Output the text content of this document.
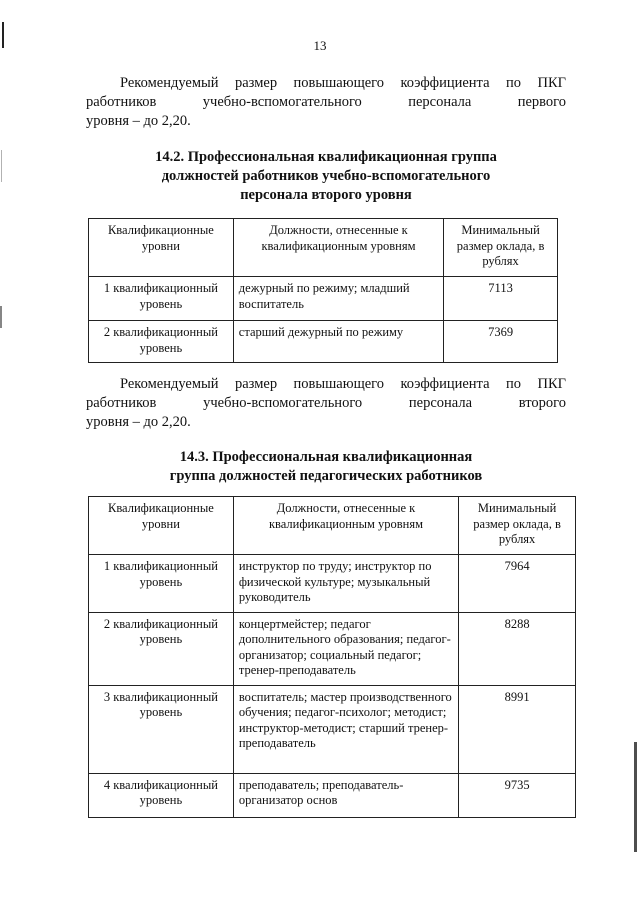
13
Рекомендуемый размер повышающего коэффициента по ПКГ
работников учебно-вспомогательного персонала первого
уровня – до 2,20.
14.2. Профессиональная квалификационная группа
должностей работников учебно-вспомогательного
персонала второго уровня
Квалификационные уровни	Должности, отнесенные к квалификационным уровням	Минимальный размер оклада, в рублях
1 квалификационный уровень	дежурный по режиму; младший воспитатель	7113
2 квалификационный уровень	старший дежурный по режиму	7369
Рекомендуемый размер повышающего коэффициента по ПКГ
работников учебно-вспомогательного персонала второго
уровня – до 2,20.
14.3. Профессиональная квалификационная
группа должностей педагогических работников
Квалификационные уровни	Должности, отнесенные к квалификационным уровням	Минимальный размер оклада, в рублях
1 квалификационный уровень	инструктор по труду; инструктор по физической культуре; музыкальный руководитель	7964
2 квалификационный уровень	концертмейстер; педагог дополнительного образования; педагог-организатор; социальный педагог; тренер-преподаватель	8288
3 квалификационный уровень	воспитатель; мастер производственного обучения; педагог-психолог; методист; инструктор-методист; старший тренер-преподаватель	8991
4 квалификационный уровень	преподаватель; преподаватель-организатор основ	9735
